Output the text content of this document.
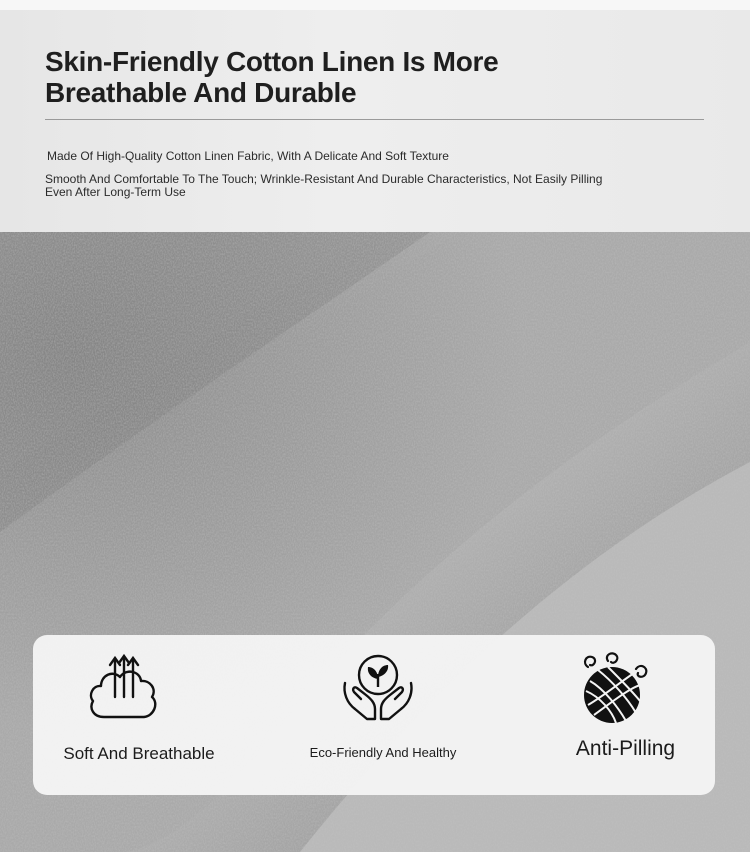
Skin-Friendly Cotton Linen Is More
Breathable And Durable

Made Of High-Quality Cotton Linen Fabric, With A Delicate And Soft Texture

Smooth And Comfortable To The Touch; Wrinkle-Resistant And Durable Characteristics, Not Easily Pilling Even After Long-Term Use

Soft And Breathable	Eco-Friendly And Healthy	Anti-Pilling
